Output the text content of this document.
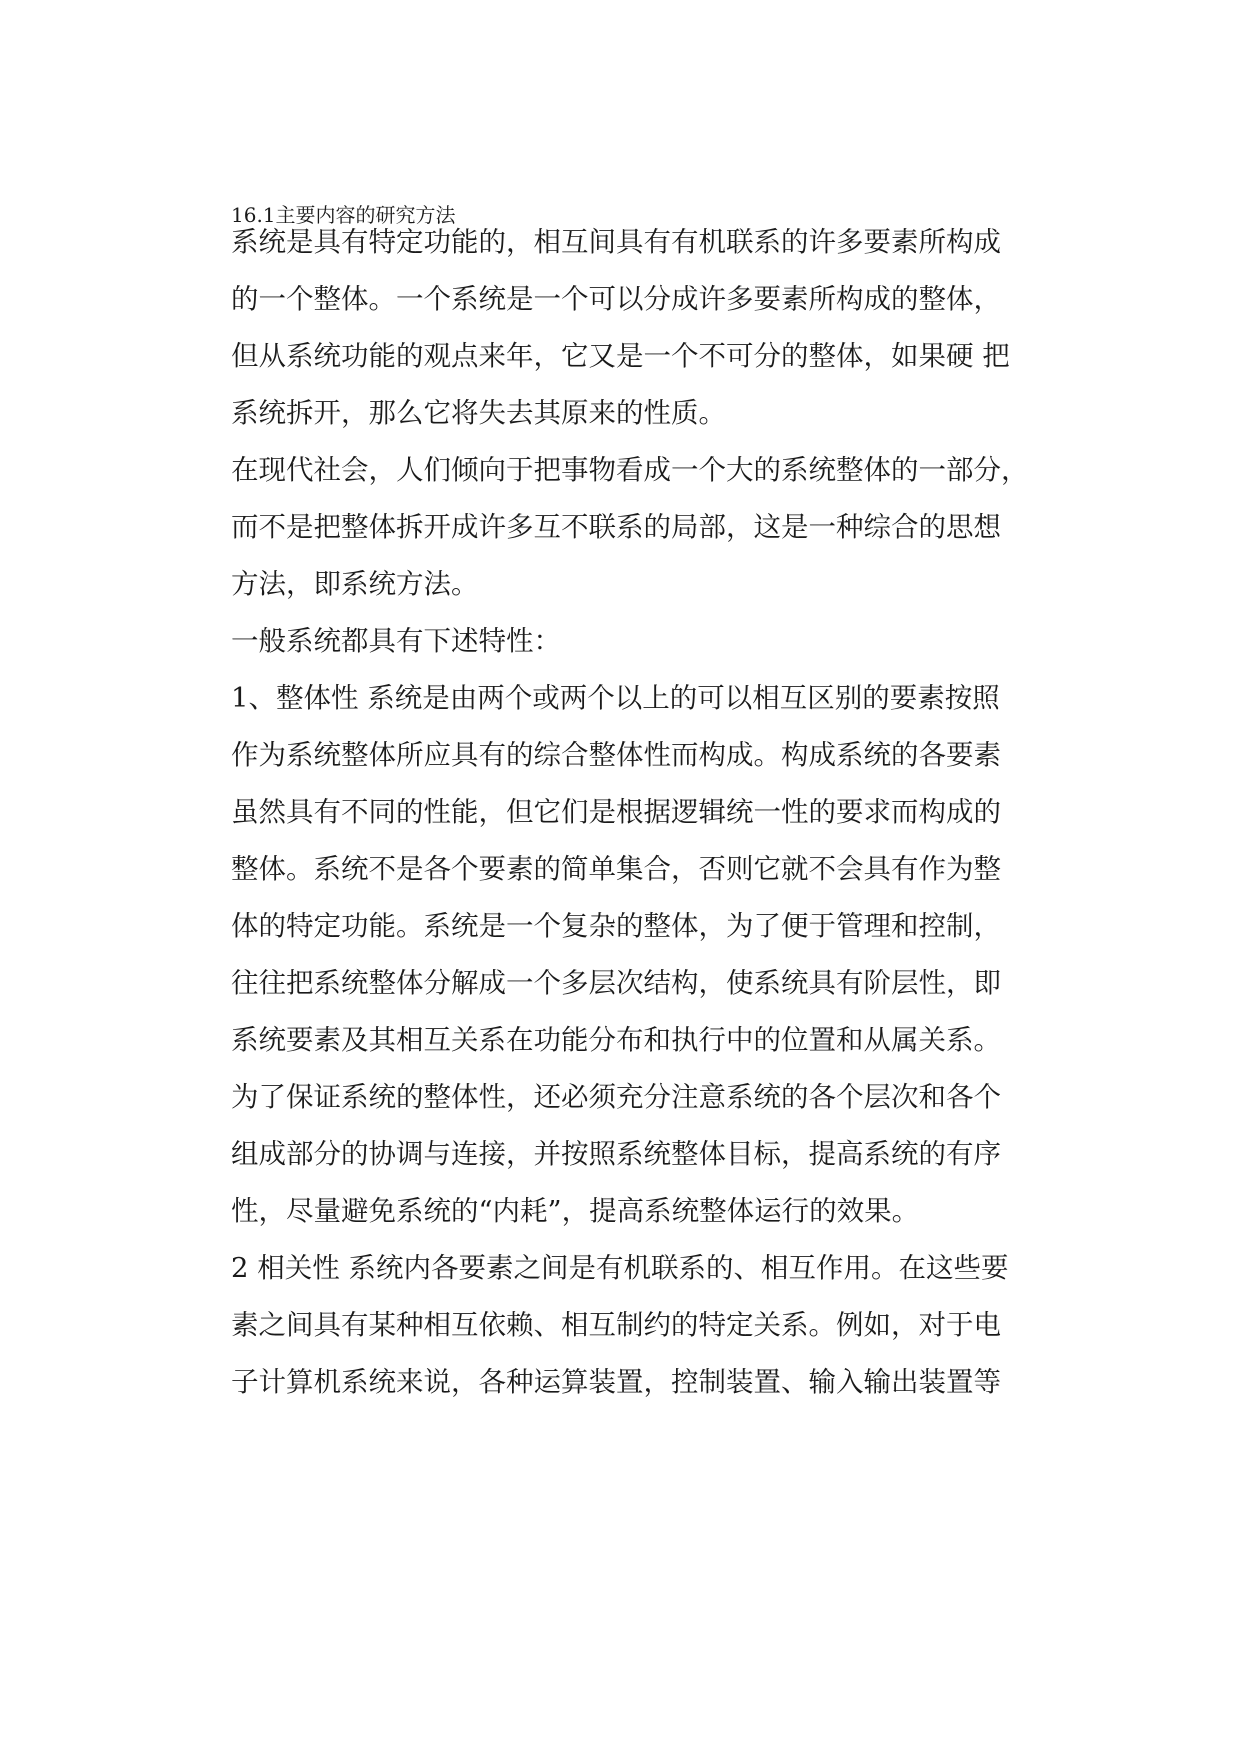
16.1主要内容的研究方法
系统是具有特定功能的，相互间具有有机联系的许多要素所构成
的一个整体。一个系统是一个可以分成许多要素所构成的整体，
但从系统功能的观点来年，它又是一个不可分的整体，如果硬 把
系统拆开，那么它将失去其原来的性质。
在现代社会，人们倾向于把事物看成一个大的系统整体的一部分，
而不是把整体拆开成许多互不联系的局部，这是一种综合的思想
方法，即系统方法。
一般系统都具有下述特性：
1、整体性 系统是由两个或两个以上的可以相互区别的要素按照
作为系统整体所应具有的综合整体性而构成。构成系统的各要素
虽然具有不同的性能，但它们是根据逻辑统一性的要求而构成的
整体。系统不是各个要素的简单集合，否则它就不会具有作为整
体的特定功能。系统是一个复杂的整体，为了便于管理和控制，
往往把系统整体分解成一个多层次结构，使系统具有阶层性，即
系统要素及其相互关系在功能分布和执行中的位置和从属关系。
为了保证系统的整体性，还必须充分注意系统的各个层次和各个
组成部分的协调与连接，并按照系统整体目标，提高系统的有序
性，尽量避免系统的“内耗”，提高系统整体运行的效果。
2 相关性 系统内各要素之间是有机联系的、相互作用。在这些要
素之间具有某种相互依赖、相互制约的特定关系。例如，对于电
子计算机系统来说，各种运算装置，控制装置、输入输出装置等
